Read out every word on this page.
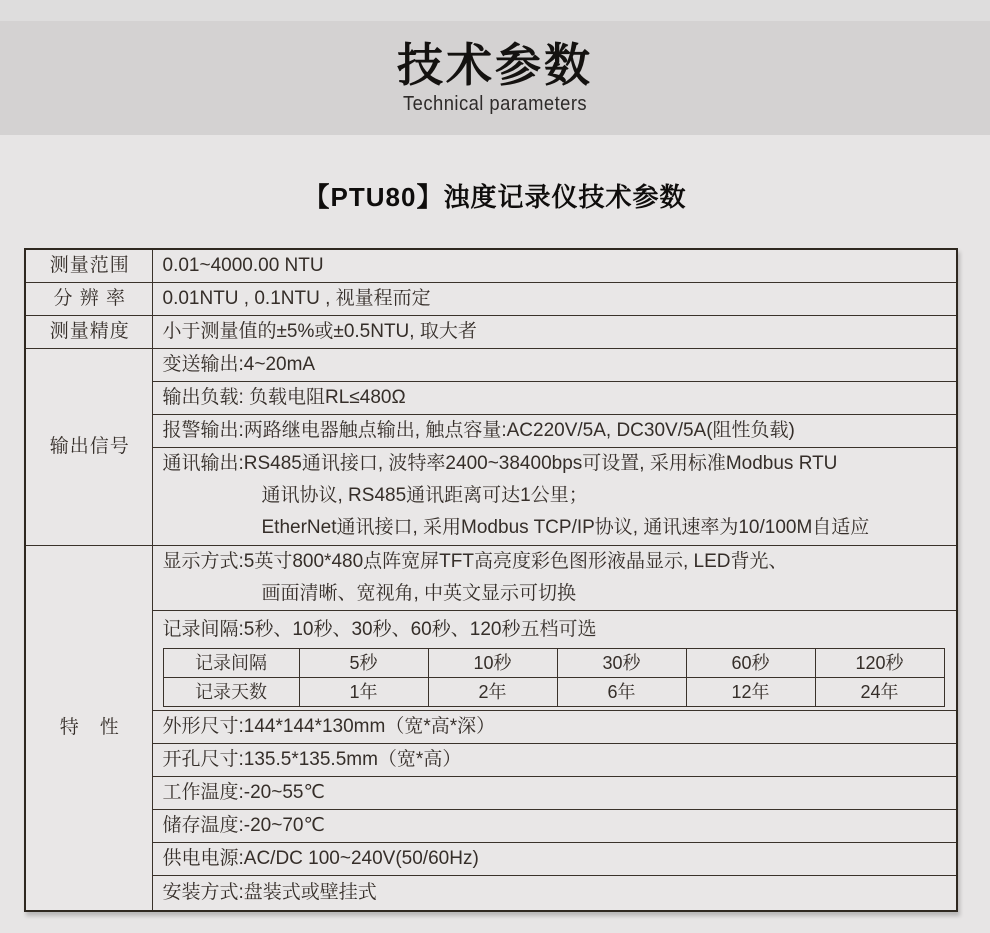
技术参数
Technical parameters
【PTU80】浊度记录仪技术参数
测量范围	0.01~4000.00 NTU
分 辨 率	0.01NTU , 0.1NTU , 视量程而定
测量精度	小于测量值的±5%或±0.5NTU, 取大者
输出信号	变送输出:4~20mA
输出负载: 负载电阻RL≤480Ω
报警输出:两路继电器触点输出, 触点容量:AC220V/5A, DC30V/5A(阻性负载)

通讯输出:RS485通讯接口, 波特率2400~38400bps可设置, 采用标准Modbus RTU
通讯协议, RS485通讯距离可达1公里；
EtherNet通讯接口, 采用Modbus TCP/IP协议, 通讯速率为10/100M自适应

特　性	
显示方式:5英寸800*480点阵宽屏TFT高亮度彩色图形液晶显示, LED背光、
画面清晰、宽视角, 中英文显示可切换

记录间隔:5秒、10秒、30秒、60秒、120秒五档可选
记录间隔	5秒	10秒	30秒	60秒	120秒
记录天数	1年	2年	6年	12年	24年

外形尺寸:144*144*130mm（宽*高*深）
开孔尺寸:135.5*135.5mm（宽*高）
工作温度:-20~55℃
储存温度:-20~70℃
供电电源:AC/DC 100~240V(50/60Hz)
安装方式:盘装式或壁挂式
